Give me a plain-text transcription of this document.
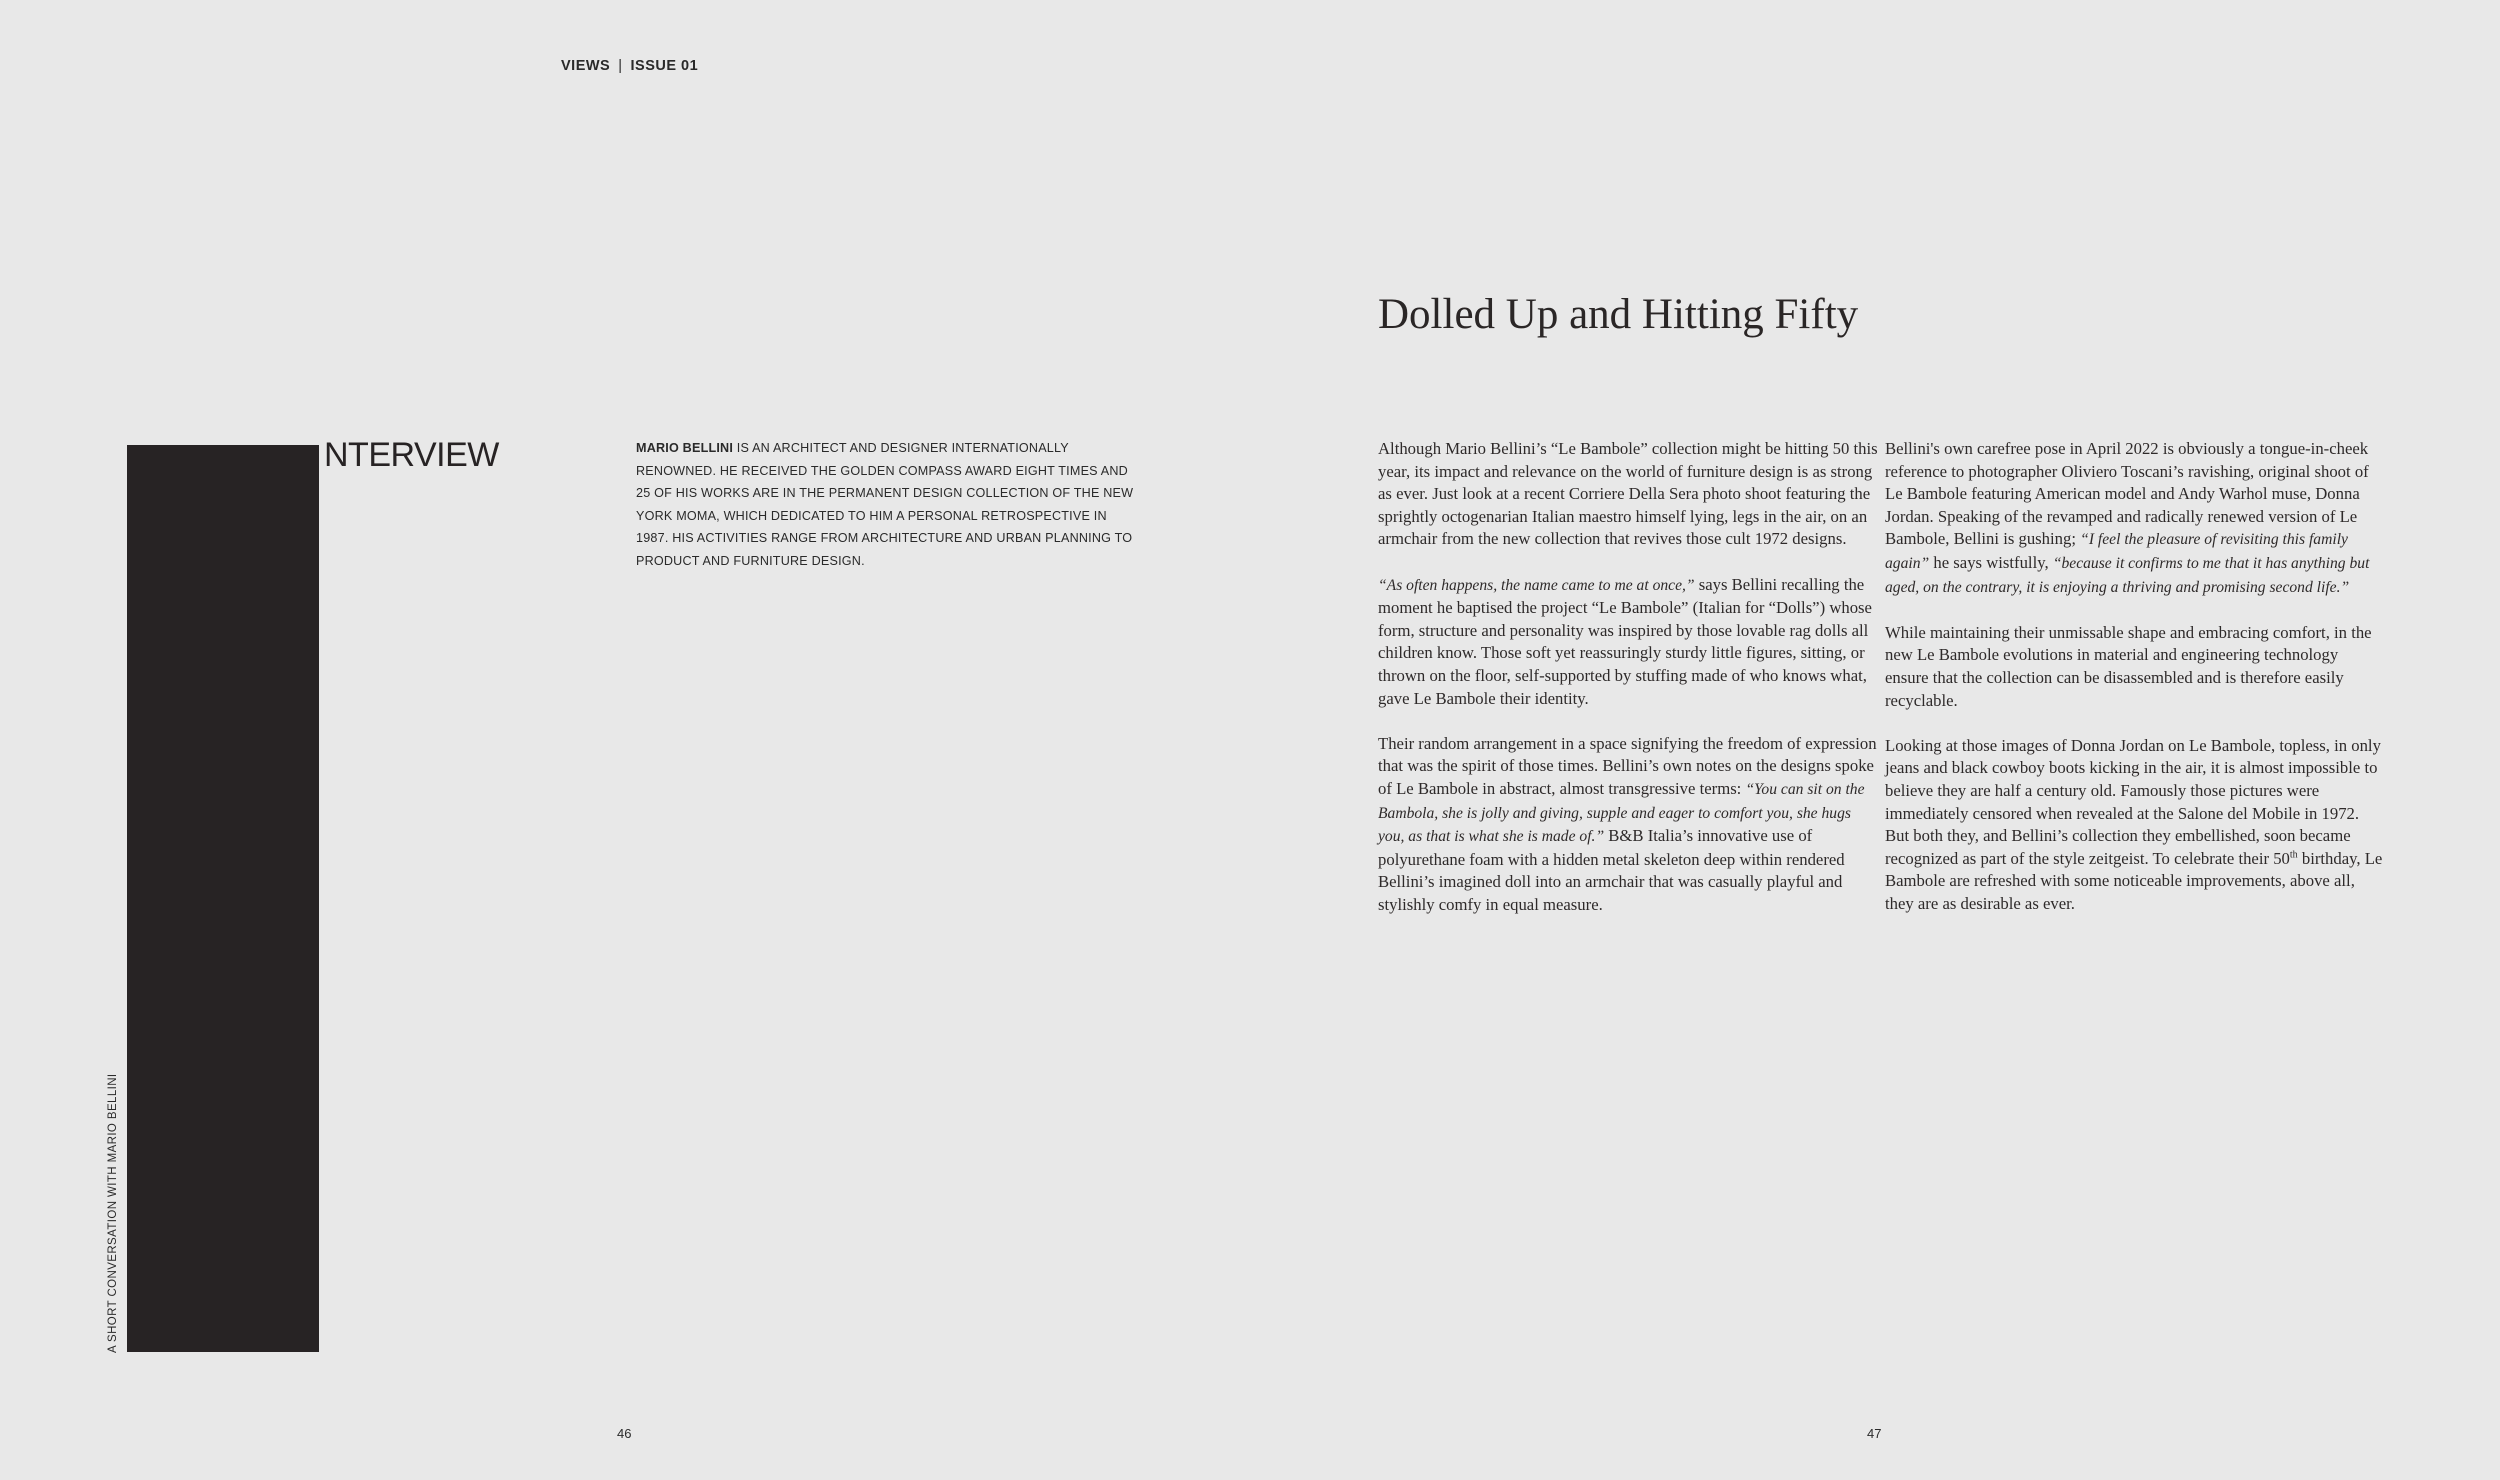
VIEWS | ISSUE 01
A SHORT CONVERSATION WITH MARIO BELLINI
NTERVIEW	MARIO BELLINI IS AN ARCHITECT AND DESIGNER INTERNATIONALLY RENOWNED. HE RECEIVED THE GOLDEN COMPASS AWARD EIGHT TIMES AND 25 OF HIS WORKS ARE IN THE PERMANENT DESIGN COLLECTION OF THE NEW YORK MOMA, WHICH DEDICATED TO HIM A PERSONAL RETROSPECTIVE IN 1987. HIS ACTIVITIES RANGE FROM ARCHITECTURE AND URBAN PLANNING TO PRODUCT AND FURNITURE DESIGN.
Dolled Up and Hitting Fifty

Although Mario Bellini’s “Le Bambole” collection might be hitting 50 this year, its impact and relevance on the world of furniture design is as strong as ever. Just look at a recent Corriere Della Sera photo shoot featuring the sprightly octogenarian Italian maestro himself lying, legs in the air, on an armchair from the new collection that revives those cult 1972 designs.

“As often happens, the name came to me at once,” says Bellini recalling the moment he baptised the project “Le Bambole” (Italian for “Dolls”) whose form, structure and personality was inspired by those lovable rag dolls all children know. Those soft yet reassuringly sturdy little figures, sitting, or thrown on the floor, self-supported by stuffing made of who knows what, gave Le Bambole their identity.

Their random arrangement in a space signifying the freedom of expression that was the spirit of those times. Bellini’s own notes on the designs spoke of Le Bambole in abstract, almost transgressive terms: “You can sit on the Bambola, she is jolly and giving, supple and eager to comfort you, she hugs you, as that is what she is made of.” B&B Italia’s innovative use of polyurethane foam with a hidden metal skeleton deep within rendered Bellini’s imagined doll into an armchair that was casually playful and stylishly comfy in equal measure.

Bellini's own carefree pose in April 2022 is obviously a tongue-in-cheek reference to photographer Oliviero Toscani’s ravishing, original shoot of Le Bambole featuring American model and Andy Warhol muse, Donna Jordan. Speaking of the revamped and radically renewed version of Le Bambole, Bellini is gushing; “I feel the pleasure of revisiting this family again” he says wistfully, “because it confirms to me that it has anything but aged, on the contrary, it is enjoying a thriving and promising second life.”

While maintaining their unmissable shape and embracing comfort, in the new Le Bambole evolutions in material and engineering technology ensure that the collection can be disassembled and is therefore easily recyclable.

Looking at those images of Donna Jordan on Le Bambole, topless, in only jeans and black cowboy boots kicking in the air, it is almost impossible to believe they are half a century old. Famously those pictures were immediately censored when revealed at the Salone del Mobile in 1972. But both they, and Bellini’s collection they embellished, soon became recognized as part of the style zeitgeist. To celebrate their 50th birthday, Le Bambole are refreshed with some noticeable improvements, above all, they are as desirable as ever.

46	47
